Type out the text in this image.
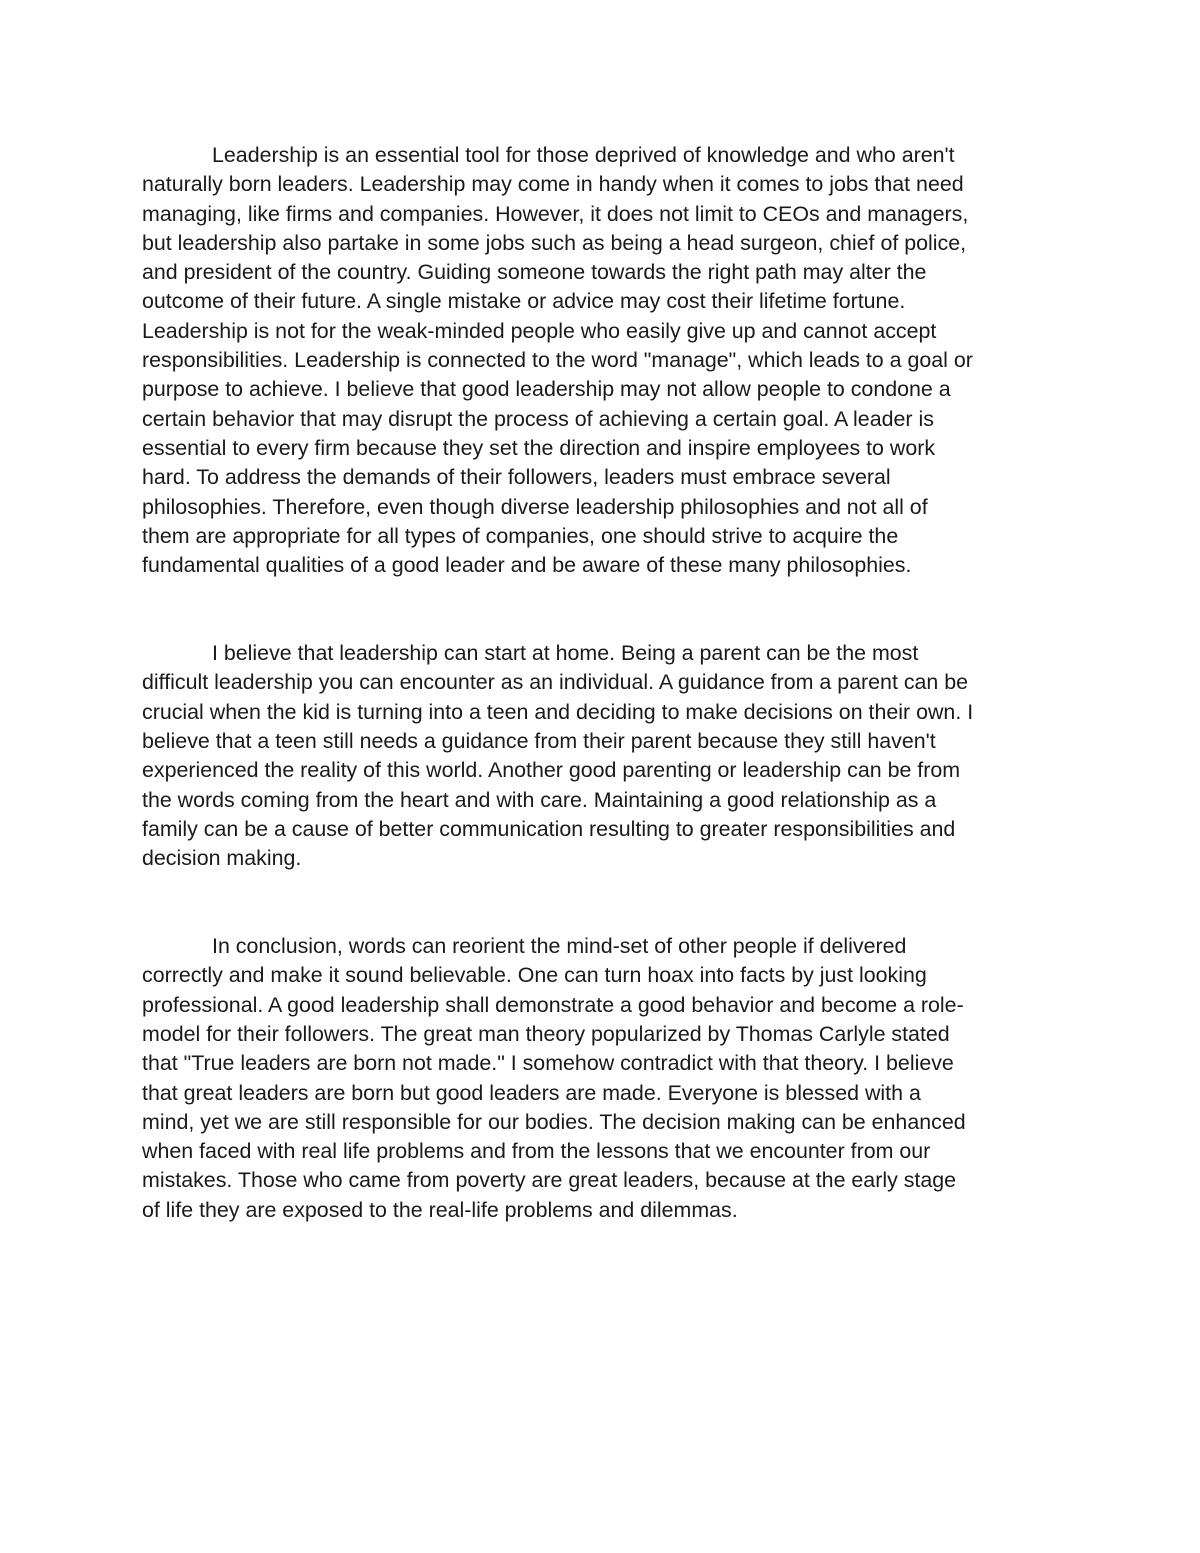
Leadership is an essential tool for those deprived of knowledge and who aren't
naturally born leaders. Leadership may come in handy when it comes to jobs that need
managing, like firms and companies. However, it does not limit to CEOs and managers,
but leadership also partake in some jobs such as being a head surgeon, chief of police,
and president of the country. Guiding someone towards the right path may alter the
outcome of their future. A single mistake or advice may cost their lifetime fortune.
Leadership is not for the weak-minded people who easily give up and cannot accept
responsibilities. Leadership is connected to the word "manage", which leads to a goal or
purpose to achieve. I believe that good leadership may not allow people to condone a
certain behavior that may disrupt the process of achieving a certain goal. A leader is
essential to every firm because they set the direction and inspire employees to work
hard. To address the demands of their followers, leaders must embrace several
philosophies. Therefore, even though diverse leadership philosophies and not all of
them are appropriate for all types of companies, one should strive to acquire the
fundamental qualities of a good leader and be aware of these many philosophies.

I believe that leadership can start at home. Being a parent can be the most
difficult leadership you can encounter as an individual. A guidance from a parent can be
crucial when the kid is turning into a teen and deciding to make decisions on their own. I
believe that a teen still needs a guidance from their parent because they still haven't
experienced the reality of this world. Another good parenting or leadership can be from
the words coming from the heart and with care. Maintaining a good relationship as a
family can be a cause of better communication resulting to greater responsibilities and
decision making.

In conclusion, words can reorient the mind-set of other people if delivered
correctly and make it sound believable. One can turn hoax into facts by just looking
professional. A good leadership shall demonstrate a good behavior and become a role-
model for their followers. The great man theory popularized by Thomas Carlyle stated
that "True leaders are born not made." I somehow contradict with that theory. I believe
that great leaders are born but good leaders are made. Everyone is blessed with a
mind, yet we are still responsible for our bodies. The decision making can be enhanced
when faced with real life problems and from the lessons that we encounter from our
mistakes. Those who came from poverty are great leaders, because at the early stage
of life they are exposed to the real-life problems and dilemmas.
